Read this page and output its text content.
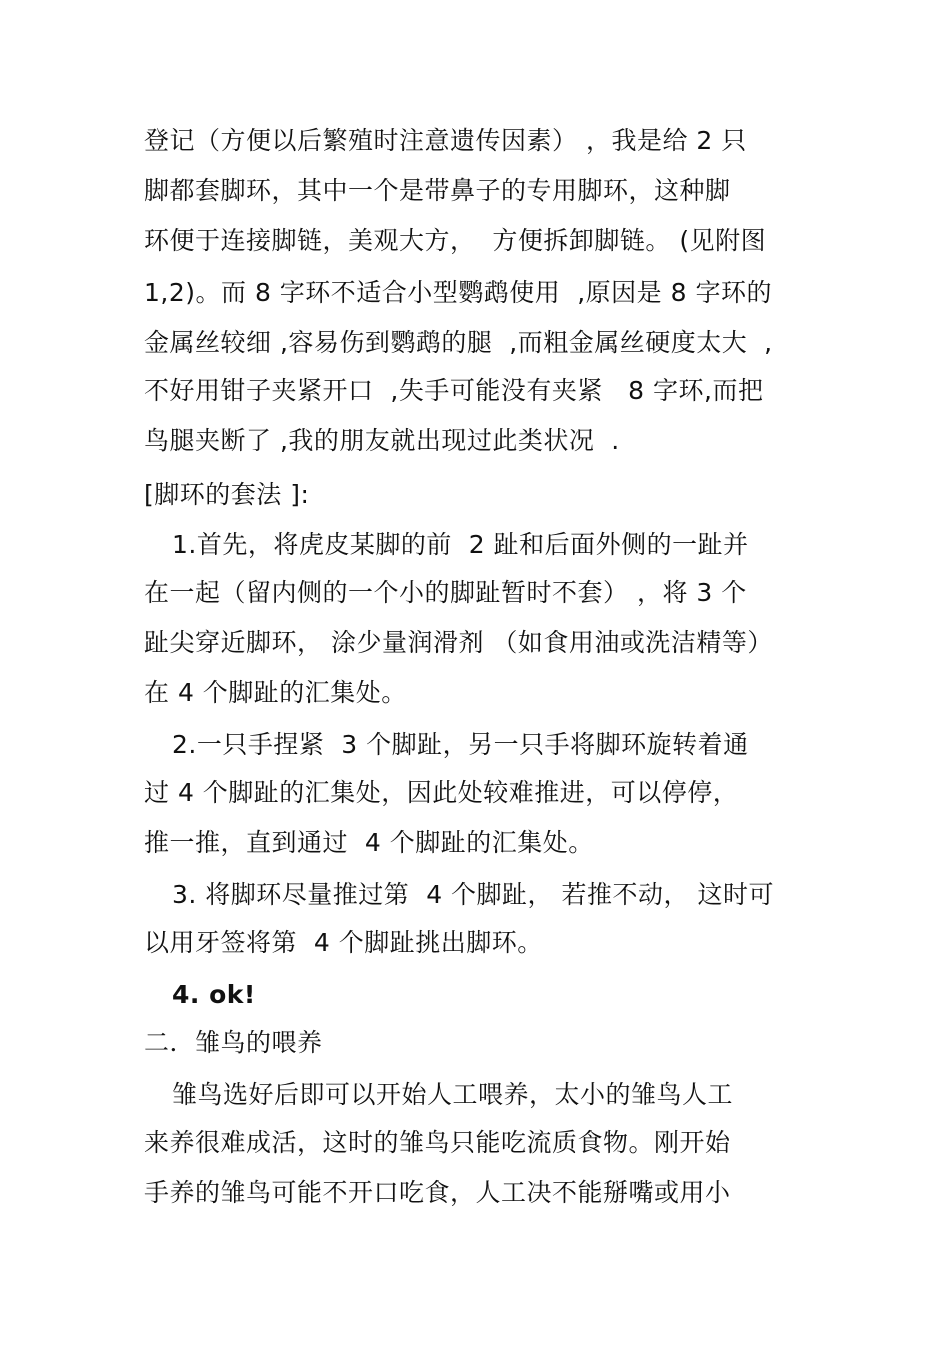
登记（方便以后繁殖时注意遗传因素） ，我是给 2 只
脚都套脚环，其中一个是带鼻子的专用脚环，这种脚
环便于连接脚链，美观大方，  方便拆卸脚链。 (见附图
1,2)。而 8 字环不适合小型鹦鹉使用  ,原因是 8 字环的
金属丝较细 ,容易伤到鹦鹉的腿  ,而粗金属丝硬度太大  ,
不好用钳子夹紧开口  ,失手可能没有夹紧   8 字环,而把
鸟腿夹断了 ,我的朋友就出现过此类状况  .
[脚环的套法 ]:
1.首先，将虎皮某脚的前  2 趾和后面外侧的一趾并
在一起（留内侧的一个小的脚趾暂时不套） ，将 3 个
趾尖穿近脚环， 涂少量润滑剂 （如食用油或洗洁精等）
在 4 个脚趾的汇集处。
2.一只手捏紧  3 个脚趾，另一只手将脚环旋转着通
过 4 个脚趾的汇集处，因此处较难推进，可以停停，
推一推，直到通过  4 个脚趾的汇集处。
3. 将脚环尽量推过第  4 个脚趾， 若推不动， 这时可
以用牙签将第  4 个脚趾挑出脚环。
4. ok!
二．雏鸟的喂养
雏鸟选好后即可以开始人工喂养，太小的雏鸟人工
来养很难成活，这时的雏鸟只能吃流质食物。刚开始
手养的雏鸟可能不开口吃食，人工决不能掰嘴或用小
